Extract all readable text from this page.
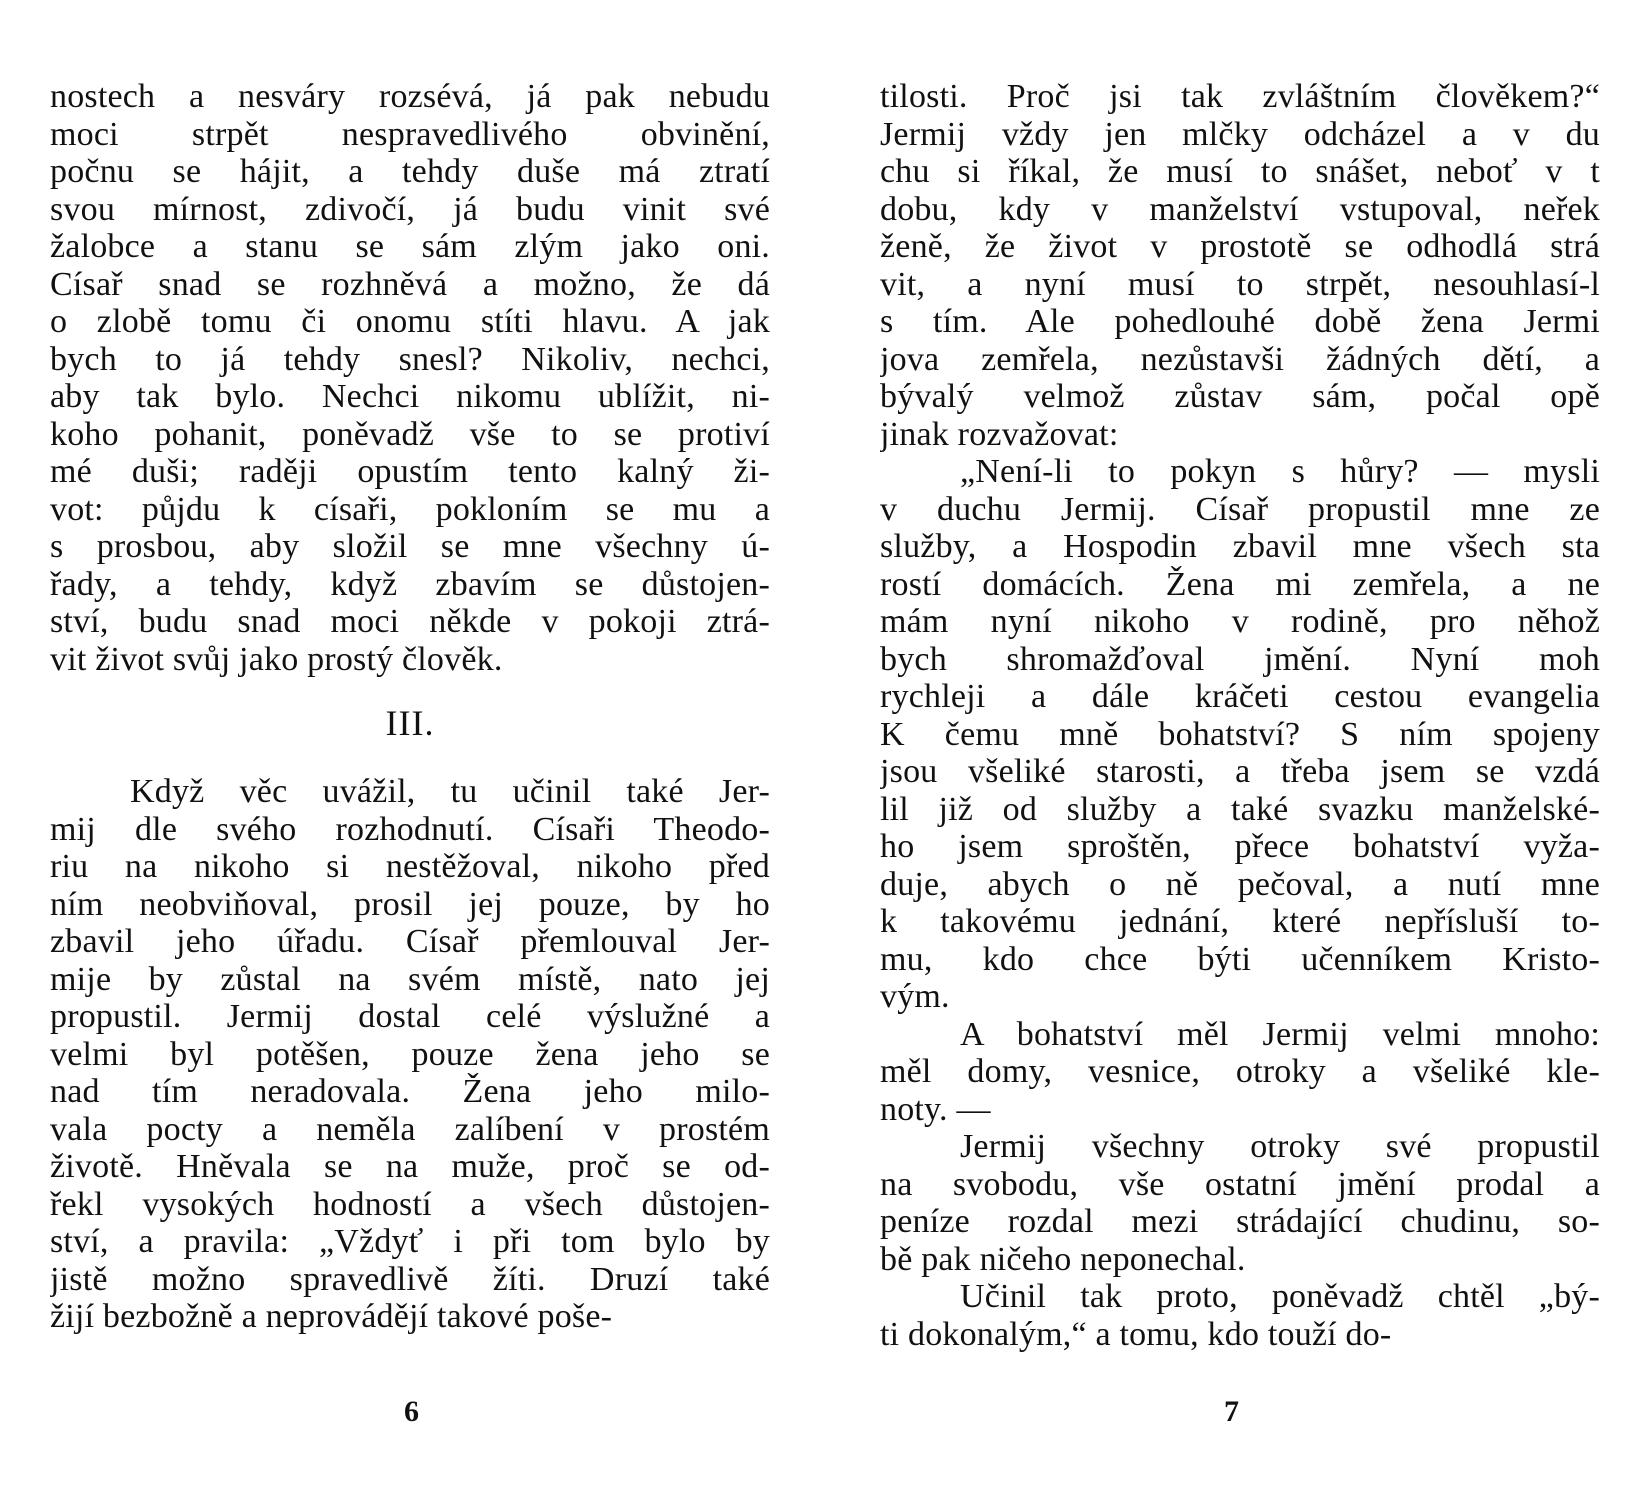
nostech a nesváry rozsévá, já pak nebudu
moci strpět nespravedlivého obvinění,
počnu se hájit, a tehdy duše má ztratí
svou mírnost, zdivočí, já budu vinit své
žalobce a stanu se sám zlým jako oni.
Císař snad se rozhněvá a možno, že dá
o zlobě tomu či onomu stíti hlavu. A jak
bych to já tehdy snesl? Nikoliv, nechci,
aby tak bylo. Nechci nikomu ublížit, ni-
koho pohanit, poněvadž vše to se protiví
mé duši; raději opustím tento kalný ži-
vot: půjdu k císaři, pokloním se mu a
s prosbou, aby složil se mne všechny ú-
řady, a tehdy, když zbavím se důstojen-
ství, budu snad moci někde v pokoji ztrá-
vit život svůj jako prostý člověk.
III.
Když věc uvážil, tu učinil také Jer-
mij dle svého rozhodnutí. Císaři Theodo-
riu na nikoho si nestěžoval, nikoho před
ním neobviňoval, prosil jej pouze, by ho
zbavil jeho úřadu. Císař přemlouval Jer-
mije by zůstal na svém místě, nato jej
propustil. Jermij dostal celé výslužné a
velmi byl potěšen, pouze žena jeho se
nad tím neradovala. Žena jeho milo-
vala pocty a neměla zalíbení v prostém
životě. Hněvala se na muže, proč se od-
řekl vysokých hodností a všech důstojen-
ství, a pravila: „Vždyť i při tom bylo by
jistě možno spravedlivě žíti. Druzí také
žijí bezbožně a neprovádějí takové poše-
tilosti. Proč jsi tak zvláštním člověkem?“
Jermij vždy jen mlčky odcházel a v du
chu si říkal, že musí to snášet, neboť v t
dobu, kdy v manželství vstupoval, neřek
ženě, že život v prostotě se odhodlá strá
vit, a nyní musí to strpět, nesouhlasí-l
s tím. Ale pohedlouhé době žena Jermi
jova zemřela, nezůstavši žádných dětí, a
bývalý velmož zůstav sám, počal opě
jinak rozvažovat:
„Není-li to pokyn s hůry? — mysli
v duchu Jermij. Císař propustil mne ze
služby, a Hospodin zbavil mne všech sta
rostí domácích. Žena mi zemřela, a ne
mám nyní nikoho v rodině, pro něhož
bych shromažďoval jmění. Nyní moh
rychleji a dále kráčeti cestou evangelia
K čemu mně bohatství? S ním spojeny
jsou všeliké starosti, a třeba jsem se vzdá
lil již od služby a také svazku manželské-
ho jsem sproštěn, přece bohatství vyža-
duje, abych o ně pečoval, a nutí mne
k takovému jednání, které nepřísluší to-
mu, kdo chce býti učenníkem Kristo-
vým.
A bohatství měl Jermij velmi mnoho:
měl domy, vesnice, otroky a všeliké kle-
noty. —
Jermij všechny otroky své propustil
na svobodu, vše ostatní jmění prodal a
peníze rozdal mezi strádající chudinu, so-
bě pak ničeho neponechal.
Učinil tak proto, poněvadž chtěl „bý-
ti dokonalým,“ a tomu, kdo touží do-
6	7
